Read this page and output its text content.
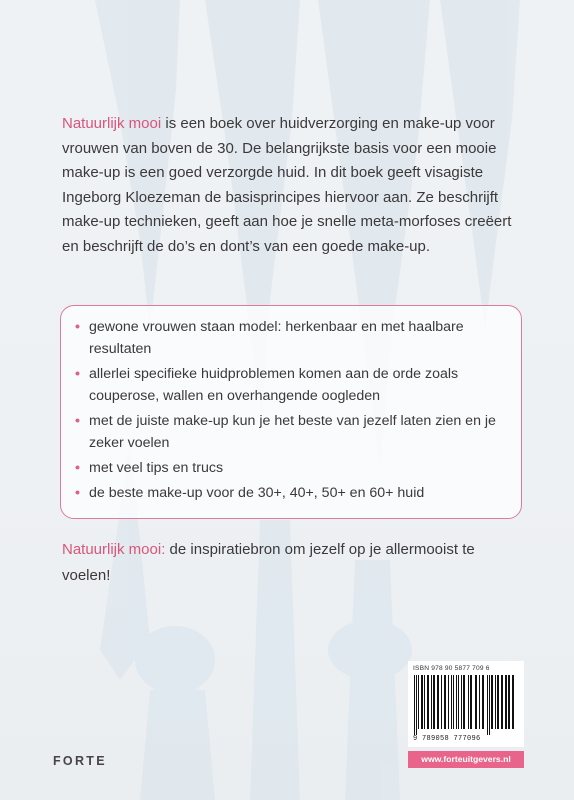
Natuurlijk mooi is een boek over huidverzorging en make-up voor vrouwen van boven de 30. De belangrijkste basis voor een mooie make-up is een goed verzorgde huid. In dit boek geeft visagiste Ingeborg Kloezeman de basisprincipes hiervoor aan. Ze beschrijft make-up technieken, geeft aan hoe je snelle meta-morfoses creëert en beschrijft de do’s en dont’s van een goede make-up.
• gewone vrouwen staan model: herkenbaar en met haalbare resultaten
• allerlei specifieke huidproblemen komen aan de orde zoals couperose, wallen en overhangende oogleden
• met de juiste make-up kun je het beste van jezelf laten zien en je zeker voelen
• met veel tips en trucs
• de beste make-up voor de 30+, 40+, 50+ en 60+ huid
Natuurlijk mooi: de inspiratiebron om jezelf op je allermooist te voelen!
ISBN 978 90 5877 709 6
9 789058 777096
FORTE	www.forteuitgevers.nl
